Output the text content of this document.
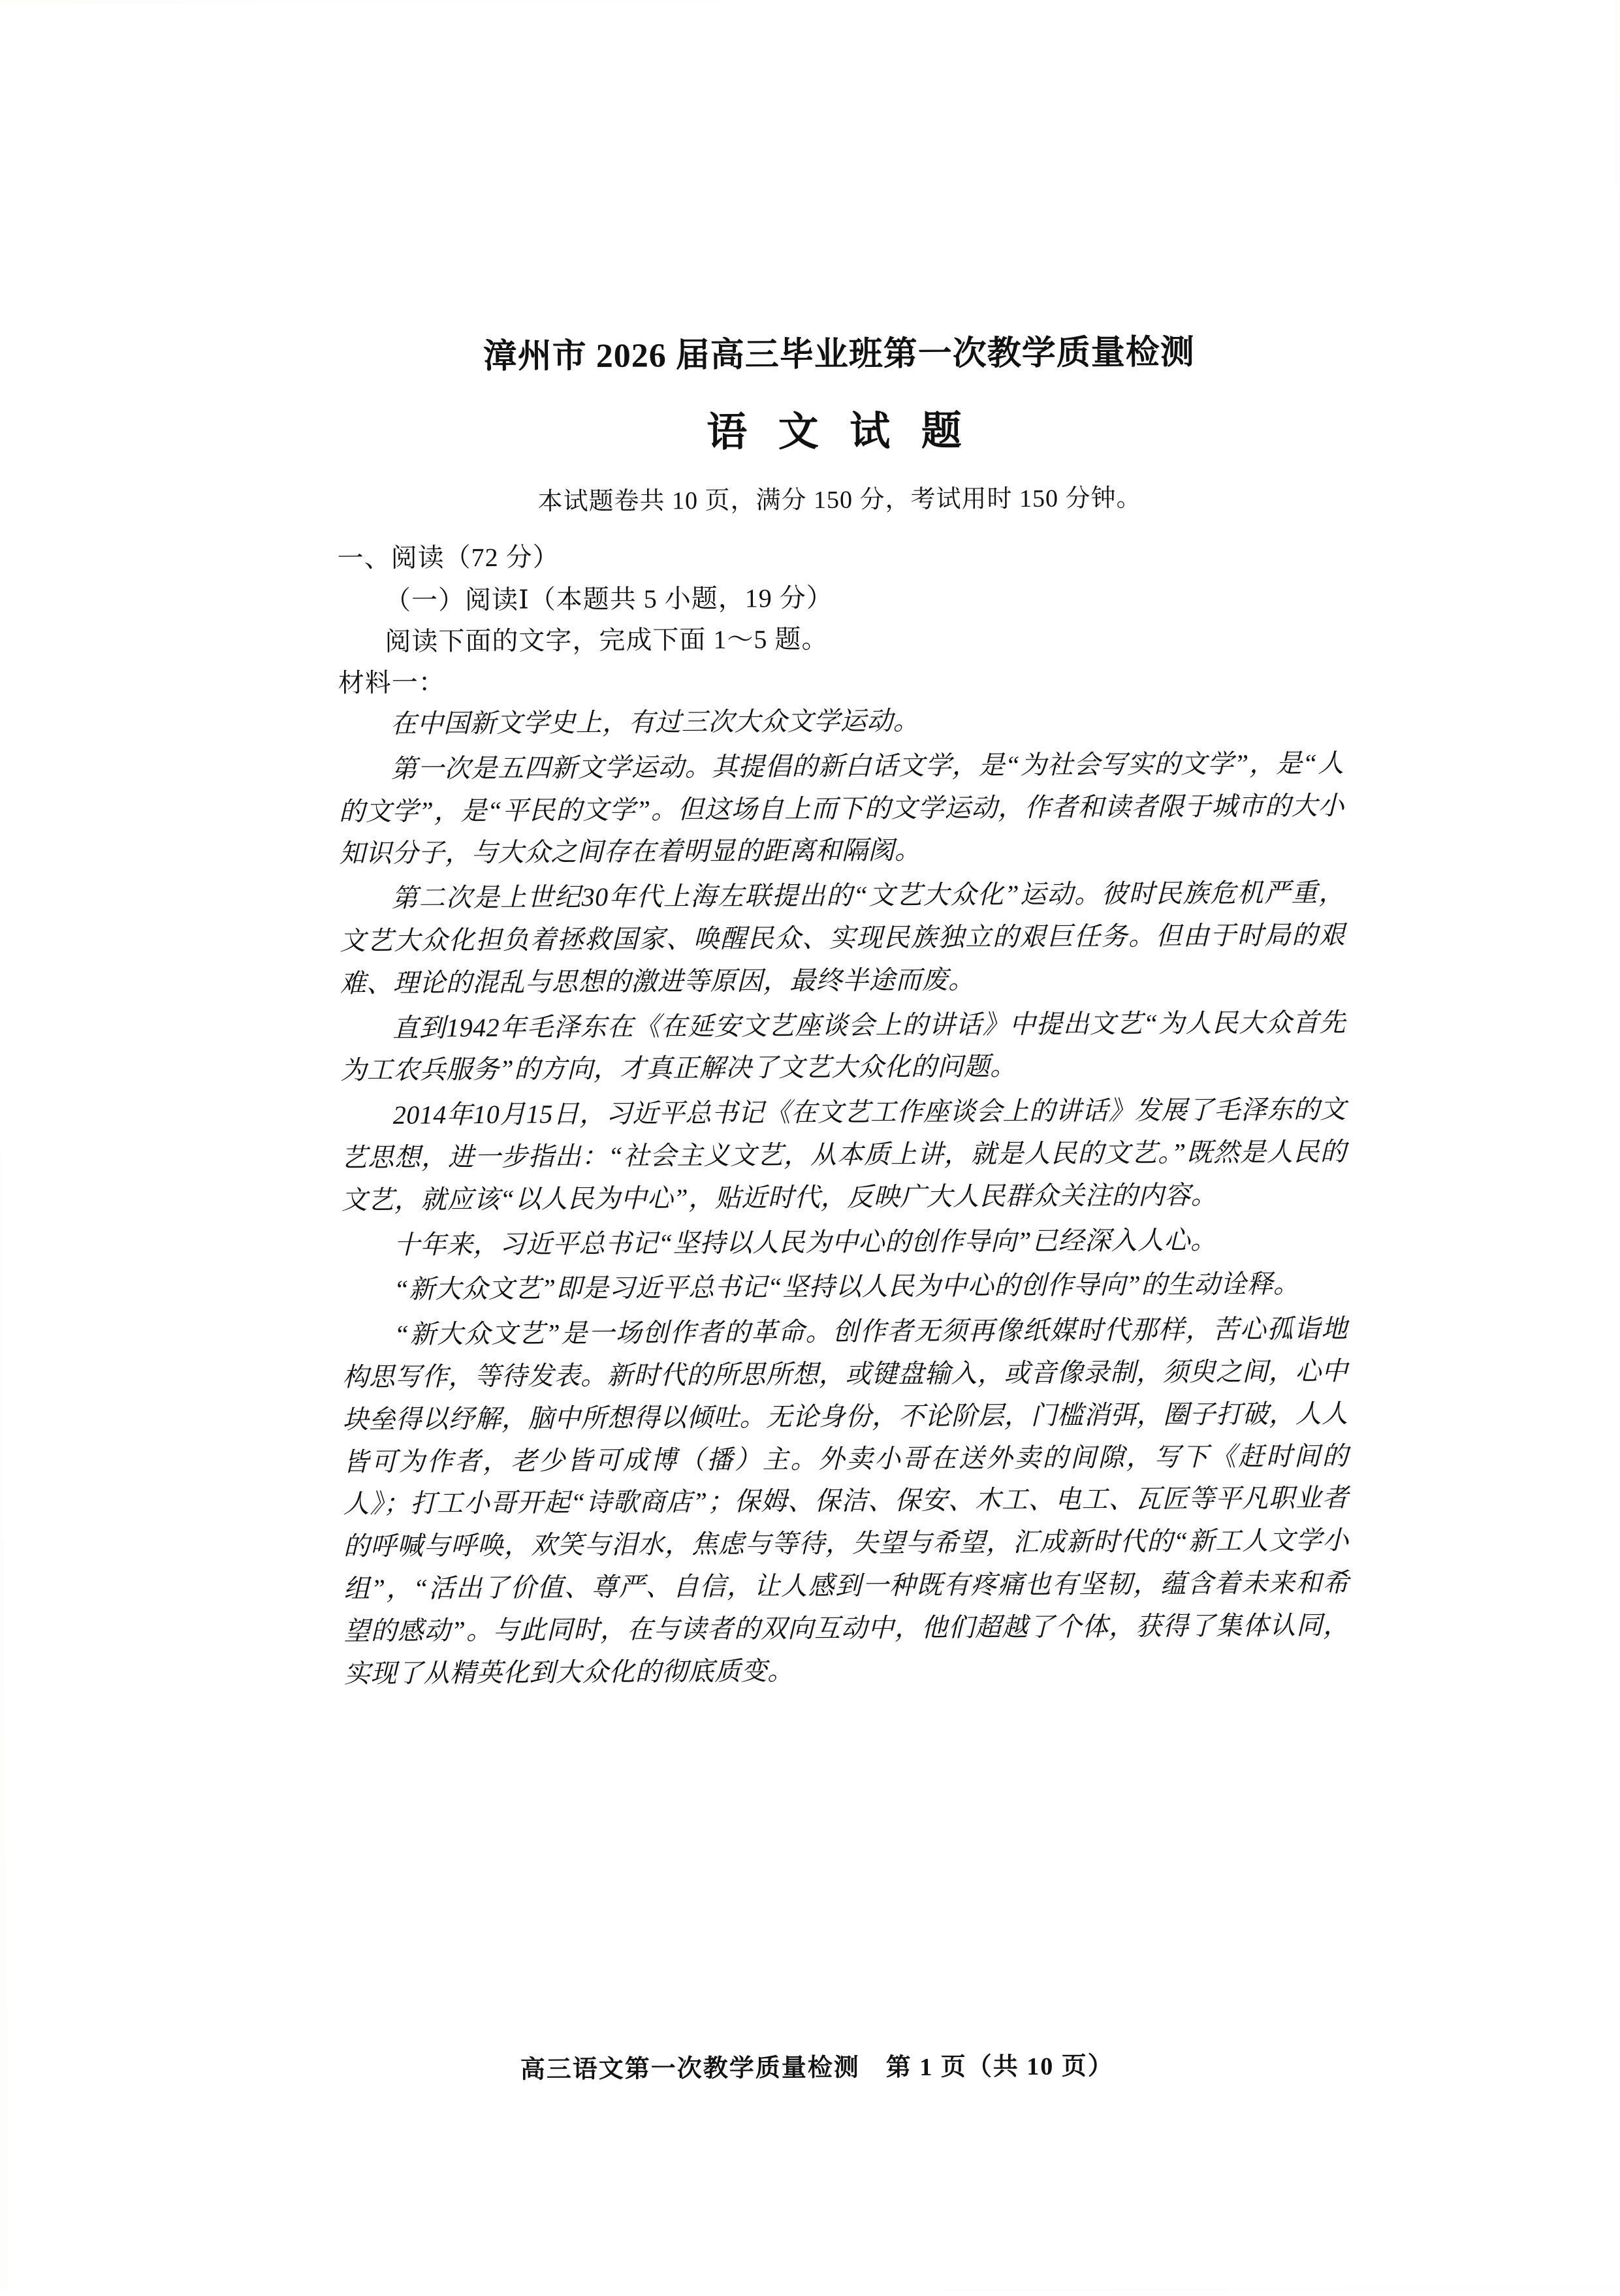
漳州市 2026 届高三毕业班第一次教学质量检测
语 文 试 题
本试题卷共 10 页，满分 150 分，考试用时 150 分钟。
一、阅读（72 分）
（一）阅读Ⅰ（本题共 5 小题，19 分）
阅读下面的文字，完成下面 1～5 题。
材料一：

在中国新文学史上，有过三次大众文学运动。

第一次是五四新文学运动。其提倡的新白话文学，是“为社会写实的文学”，是“人的文学”，是“平民的文学”。但这场自上而下的文学运动，作者和读者限于城市的大小知识分子，与大众之间存在着明显的距离和隔阂。

第二次是上世纪30年代上海左联提出的“文艺大众化”运动。彼时民族危机严重，文艺大众化担负着拯救国家、唤醒民众、实现民族独立的艰巨任务。但由于时局的艰难、理论的混乱与思想的激进等原因，最终半途而废。

直到1942年毛泽东在《在延安文艺座谈会上的讲话》中提出文艺“为人民大众首先为工农兵服务”的方向，才真正解决了文艺大众化的问题。

2014年10月15日，习近平总书记《在文艺工作座谈会上的讲话》发展了毛泽东的文艺思想，进一步指出：“社会主义文艺，从本质上讲，就是人民的文艺。”既然是人民的文艺，就应该“以人民为中心”，贴近时代，反映广大人民群众关注的内容。

十年来，习近平总书记“坚持以人民为中心的创作导向”已经深入人心。

“新大众文艺”即是习近平总书记“坚持以人民为中心的创作导向”的生动诠释。

“新大众文艺”是一场创作者的革命。创作者无须再像纸媒时代那样，苦心孤诣地构思写作，等待发表。新时代的所思所想，或键盘输入，或音像录制，须臾之间，心中块垒得以纾解，脑中所想得以倾吐。无论身份，不论阶层，门槛消弭，圈子打破，人人皆可为作者，老少皆可成博（播）主。外卖小哥在送外卖的间隙，写下《赶时间的人》；打工小哥开起“诗歌商店”；保姆、保洁、保安、木工、电工、瓦匠等平凡职业者的呼喊与呼唤，欢笑与泪水，焦虑与等待，失望与希望，汇成新时代的“新工人文学小组”，“活出了价值、尊严、自信，让人感到一种既有疼痛也有坚韧，蕴含着未来和希望的感动”。与此同时，在与读者的双向互动中，他们超越了个体，获得了集体认同，实现了从精英化到大众化的彻底质变。

高三语文第一次教学质量检测　第 1 页（共 10 页）
